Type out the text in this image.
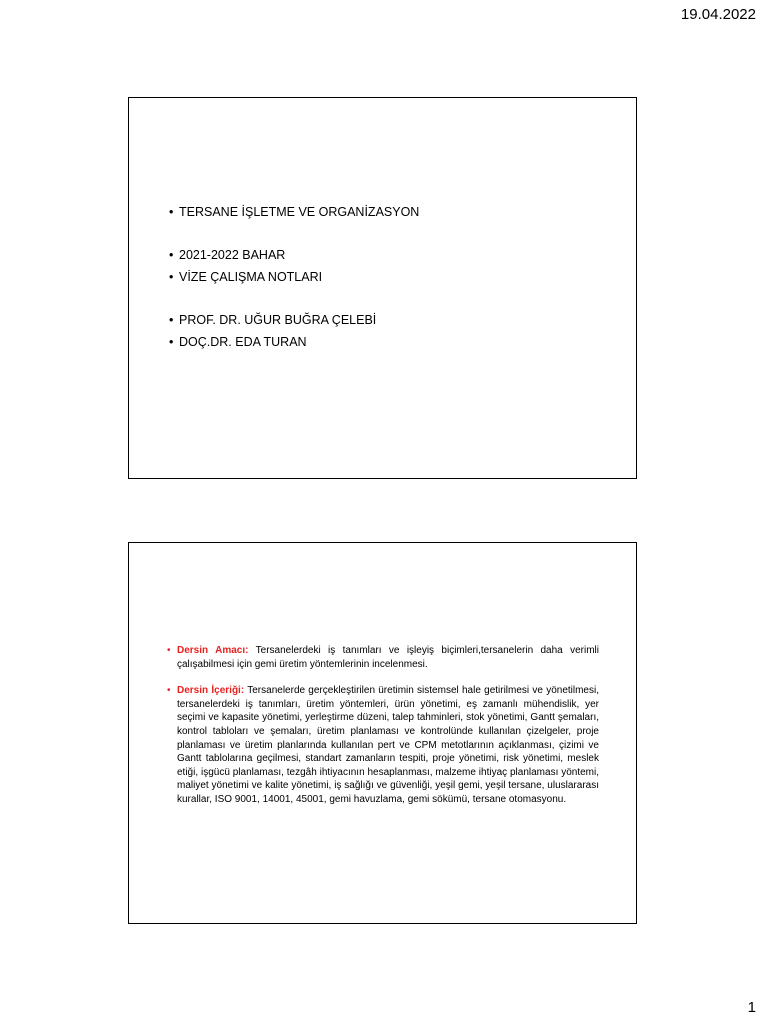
19.04.2022
• TERSANE İŞLETME VE ORGANİZASYON
• 2021-2022 BAHAR
• VİZE ÇALIŞMA NOTLARI
• PROF. DR. UĞUR BUĞRA ÇELEBİ
• DOÇ.DR. EDA TURAN
• Dersin Amacı: Tersanelerdeki iş tanımları ve işleyiş biçimleri,tersanelerin daha verimli çalışabilmesi için gemi üretim yöntemlerinin incelenmesi.
• Dersin İçeriği: Tersanelerde gerçekleştirilen üretimin sistemsel hale getirilmesi ve yönetilmesi, tersanelerdeki iş tanımları, üretim yöntemleri, ürün yönetimi, eş zamanlı mühendislik, yer seçimi ve kapasite yönetimi, yerleştirme düzeni, talep tahminleri, stok yönetimi, Gantt şemaları, kontrol tabloları ve şemaları, üretim planlaması ve kontrolünde kullanılan çizelgeler, proje planlaması ve üretim planlarında kullanılan pert ve CPM metotlarının açıklanması, çizimi ve Gantt tablolarına geçilmesi, standart zamanların tespiti, proje yönetimi, risk yönetimi, meslek etiği, işgücü planlaması, tezgâh ihtiyacının hesaplanması, malzeme ihtiyaç planlaması yöntemi, maliyet yönetimi ve kalite yönetimi, iş sağlığı ve güvenliği, yeşil gemi, yeşil tersane, uluslararası kurallar, ISO 9001, 14001, 45001, gemi havuzlama, gemi sökümü, tersane otomasyonu.
1
